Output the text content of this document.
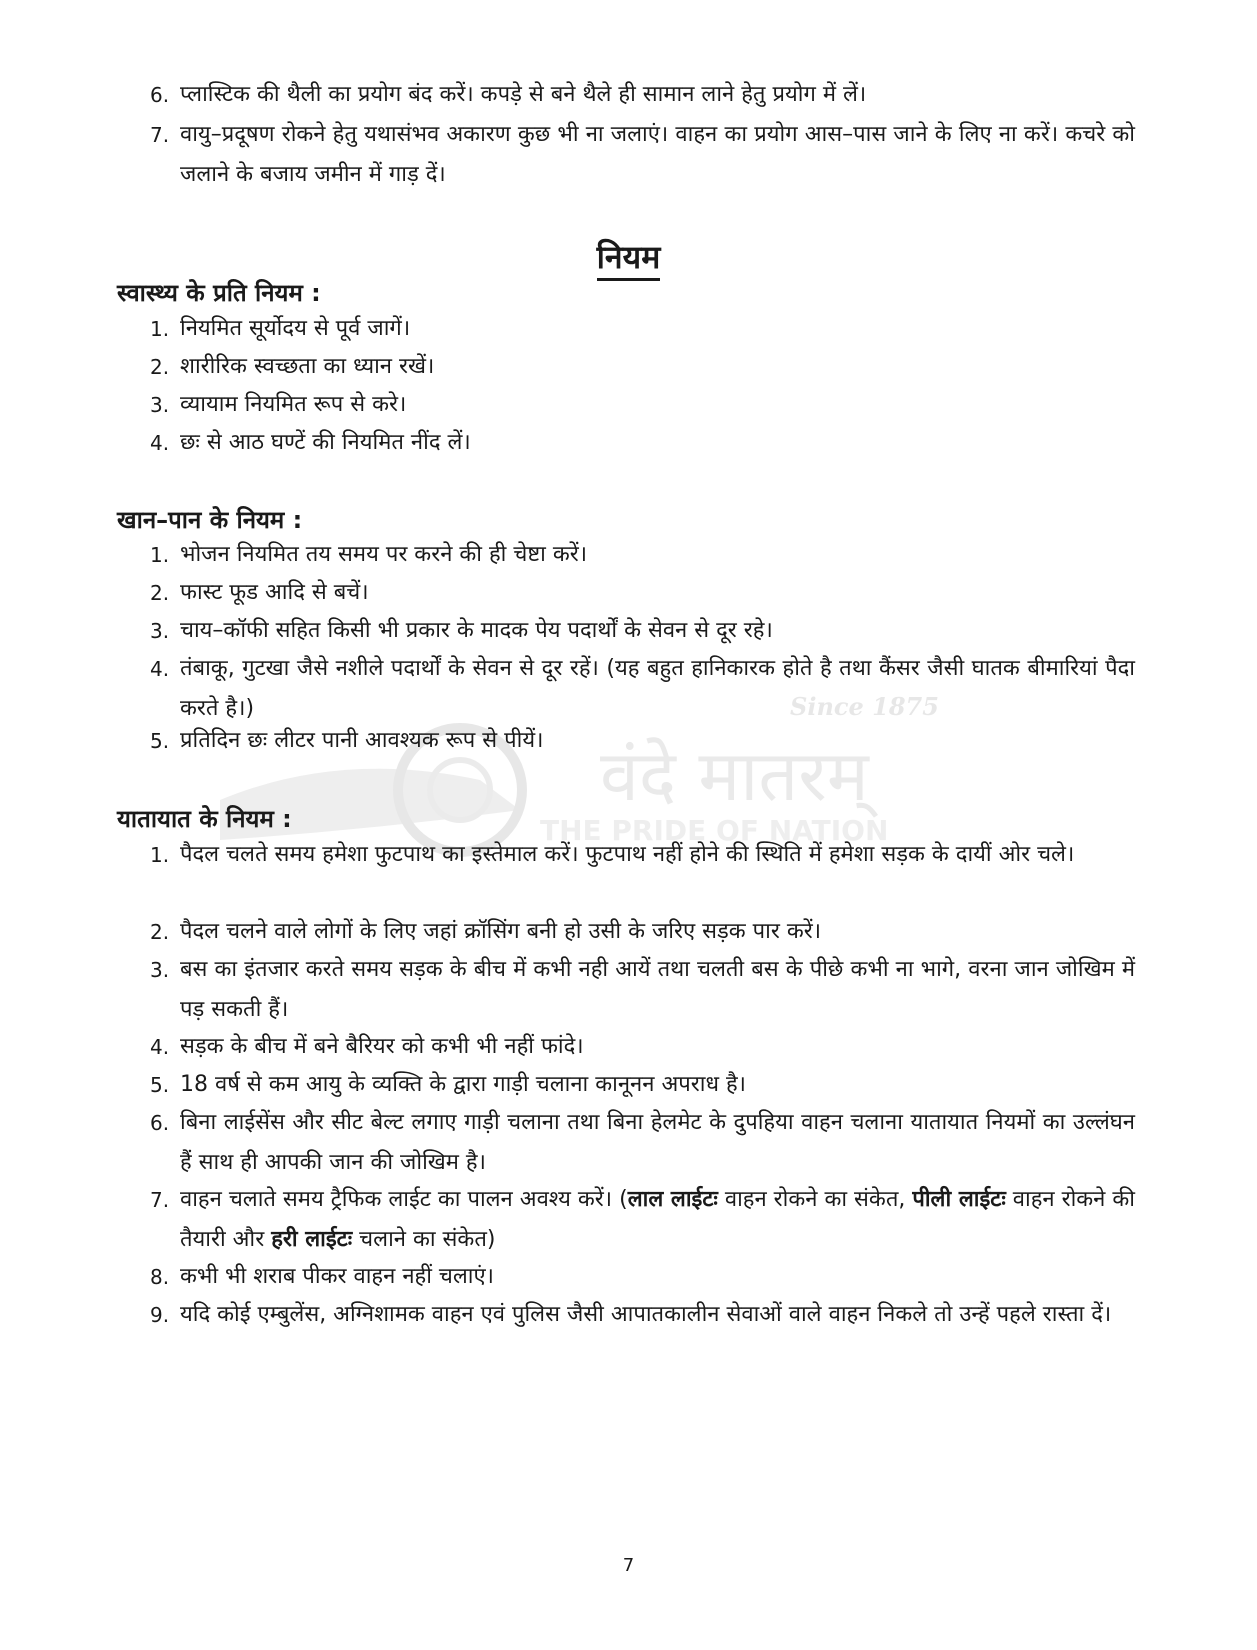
Since 1875
वंदे मातरम्
THE PRIDE OF NATION
6. प्लास्टिक की थैली का प्रयोग बंद करें। कपड़े से बने थैले ही सामान लाने हेतु प्रयोग में लें।
7. वायु–प्रदूषण रोकने हेतु यथासंभव अकारण कुछ भी ना जलाएं। वाहन का प्रयोग आस–पास जाने के लिए ना करें। कचरे को जलाने के बजाय जमीन में गाड़ दें।
नियम
स्वास्थ्य के प्रति नियम :
1. नियमित सूर्योदय से पूर्व जागें।
2. शारीरिक स्वच्छता का ध्यान रखें।
3. व्यायाम नियमित रूप से करे।
4. छः से आठ घण्टें की नियमित नींद लें।
खान–पान के नियम :
1. भोजन नियमित तय समय पर करने की ही चेष्टा करें।
2. फास्ट फूड आदि से बचें।
3. चाय–कॉफी सहित किसी भी प्रकार के मादक पेय पदार्थों के सेवन से दूर रहे।
4. तंबाकू, गुटखा जैसे नशीले पदार्थों के सेवन से दूर रहें। (यह बहुत हानिकारक होते है तथा कैंसर जैसी घातक बीमारियां पैदा करते है।)
5. प्रतिदिन छः लीटर पानी आवश्यक रूप से पीयें।
यातायात के नियम :
1. पैदल चलते समय हमेशा फुटपाथ का इस्तेमाल करें। फुटपाथ नहीं होने की स्थिति में हमेशा सड़क के दायीं ओर चले।
2. पैदल चलने वाले लोगों के लिए जहां क्रॉसिंग बनी हो उसी के जरिए सड़क पार करें।
3. बस का इंतजार करते समय सड़क के बीच में कभी नही आयें तथा चलती बस के पीछे कभी ना भागे, वरना जान जोखिम में पड़ सकती हैं।
4. सड़क के बीच में बने बैरियर को कभी भी नहीं फांदे।
5. 18 वर्ष से कम आयु के व्यक्ति के द्वारा गाड़ी चलाना कानूनन अपराध है।
6. बिना लाईसेंस और सीट बेल्ट लगाए गाड़ी चलाना तथा बिना हेलमेट के दुपहिया वाहन चलाना यातायात नियमों का उल्लंघन हैं साथ ही आपकी जान की जोखिम है।
7. वाहन चलाते समय ट्रैफिक लाईट का पालन अवश्य करें। (लाल लाईटः वाहन रोकने का संकेत, पीली लाईटः वाहन रोकने की तैयारी और हरी लाईटः चलाने का संकेत)
8. कभी भी शराब पीकर वाहन नहीं चलाएं।
9. यदि कोई एम्बुलेंस, अग्निशामक वाहन एवं पुलिस जैसी आपातकालीन सेवाओं वाले वाहन निकले तो उन्हें पहले रास्ता दें।
7
